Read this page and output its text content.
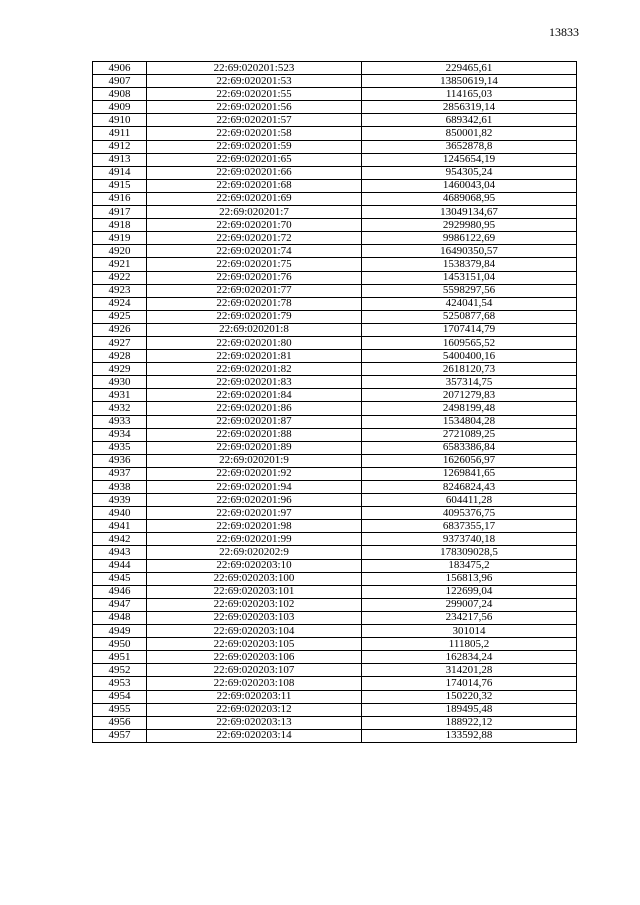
13833
4906	22:69:020201:523	229465,61
4907	22:69:020201:53	13850619,14
4908	22:69:020201:55	114165,03
4909	22:69:020201:56	2856319,14
4910	22:69:020201:57	689342,61
4911	22:69:020201:58	850001,82
4912	22:69:020201:59	3652878,8
4913	22:69:020201:65	1245654,19
4914	22:69:020201:66	954305,24
4915	22:69:020201:68	1460043,04
4916	22:69:020201:69	4689068,95
4917	22:69:020201:7	13049134,67
4918	22:69:020201:70	2929980,95
4919	22:69:020201:72	9986122,69
4920	22:69:020201:74	16490350,57
4921	22:69:020201:75	1538379,84
4922	22:69:020201:76	1453151,04
4923	22:69:020201:77	5598297,56
4924	22:69:020201:78	424041,54
4925	22:69:020201:79	5250877,68
4926	22:69:020201:8	1707414,79
4927	22:69:020201:80	1609565,52
4928	22:69:020201:81	5400400,16
4929	22:69:020201:82	2618120,73
4930	22:69:020201:83	357314,75
4931	22:69:020201:84	2071279,83
4932	22:69:020201:86	2498199,48
4933	22:69:020201:87	1534804,28
4934	22:69:020201:88	2721089,25
4935	22:69:020201:89	6583386,84
4936	22:69:020201:9	1626056,97
4937	22:69:020201:92	1269841,65
4938	22:69:020201:94	8246824,43
4939	22:69:020201:96	604411,28
4940	22:69:020201:97	4095376,75
4941	22:69:020201:98	6837355,17
4942	22:69:020201:99	9373740,18
4943	22:69:020202:9	178309028,5
4944	22:69:020203:10	183475,2
4945	22:69:020203:100	156813,96
4946	22:69:020203:101	122699,04
4947	22:69:020203:102	299007,24
4948	22:69:020203:103	234217,56
4949	22:69:020203:104	301014
4950	22:69:020203:105	111805,2
4951	22:69:020203:106	162834,24
4952	22:69:020203:107	314201,28
4953	22:69:020203:108	174014,76
4954	22:69:020203:11	150220,32
4955	22:69:020203:12	189495,48
4956	22:69:020203:13	188922,12
4957	22:69:020203:14	133592,88
